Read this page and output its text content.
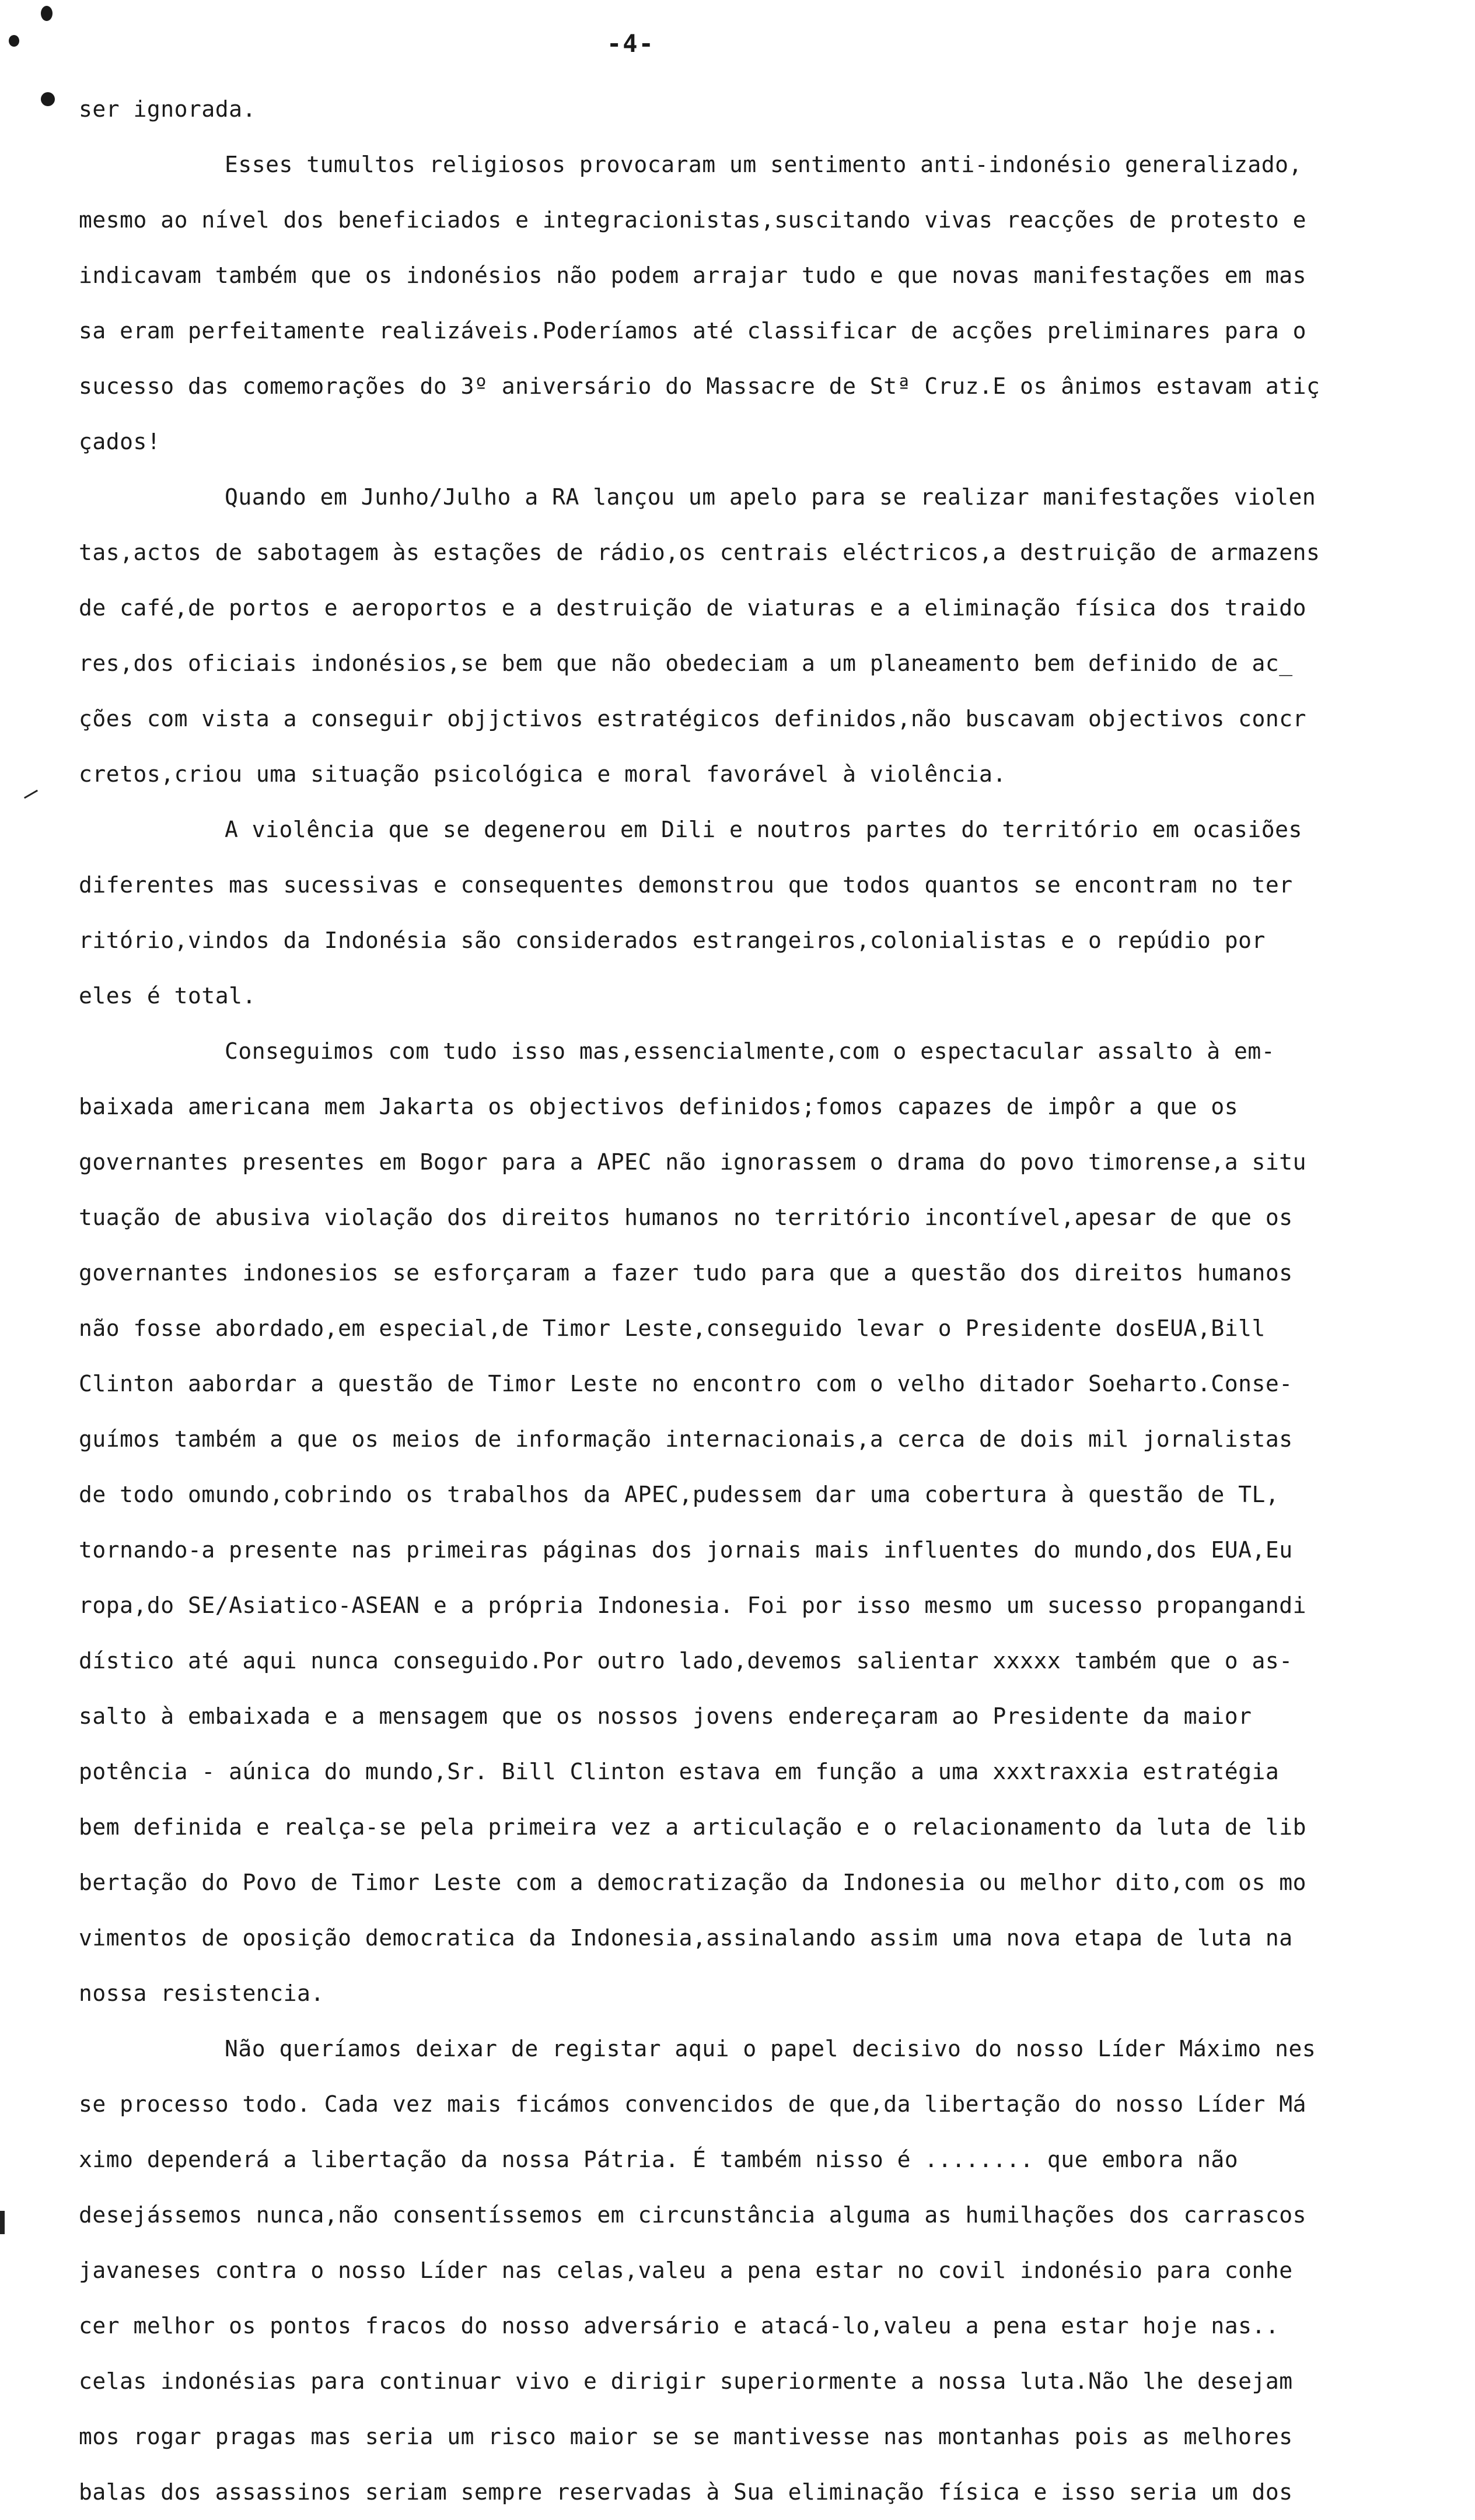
-4-
ser ignorada.
Esses tumultos religiosos provocaram um sentimento anti-indonésio generalizado,
mesmo ao nível dos beneficiados e integracionistas,suscitando vivas reacções de protesto e
indicavam também que os indonésios não podem arrajar tudo e que novas manifestações em mas
sa eram perfeitamente realizáveis.Poderíamos até classificar de acções preliminares para o
sucesso das comemorações do 3º aniversário do Massacre de Stª Cruz.E os ânimos estavam atiç
çados!
Quando em Junho/Julho a RA lançou um apelo para se realizar manifestações violen
tas,actos de sabotagem às estações de rádio,os centrais eléctricos,a destruição de armazens
de café,de portos e aeroportos e a destruição de viaturas e a eliminação física dos traido
res,dos oficiais indonésios,se bem que não obedeciam a um planeamento bem definido de ac_
ções com vista a conseguir objjctivos estratégicos definidos,não buscavam objectivos concr
cretos,criou uma situação psicológica e moral favorável à violência.
A violência que se degenerou em Dili e noutros partes do território em ocasiões
diferentes mas sucessivas e consequentes demonstrou que todos quantos se encontram no ter
ritório,vindos da Indonésia são considerados estrangeiros,colonialistas e o repúdio por
eles é total.
Conseguimos com tudo isso mas,essencialmente,com o espectacular assalto à em-
baixada americana mem Jakarta os objectivos definidos;fomos capazes de impôr a que os
governantes presentes em Bogor para a APEC não ignorassem o drama do povo timorense,a situ
tuação de abusiva violação dos direitos humanos no território incontível,apesar de que os
governantes indonesios se esforçaram a fazer tudo para que a questão dos direitos humanos
não fosse abordado,em especial,de Timor Leste,conseguido levar o Presidente dosEUA,Bill
Clinton aabordar a questão de Timor Leste no encontro com o velho ditador Soeharto.Conse-
guímos também a que os meios de informação internacionais,a cerca de dois mil jornalistas
de todo omundo,cobrindo os trabalhos da APEC,pudessem dar uma cobertura à questão de TL,
tornando-a presente nas primeiras páginas dos jornais mais influentes do mundo,dos EUA,Eu
ropa,do SE/Asiatico-ASEAN e a própria Indonesia. Foi por isso mesmo um sucesso propangandi
dístico até aqui nunca conseguido.Por outro lado,devemos salientar xxxxx também que o as-
salto à embaixada e a mensagem que os nossos jovens endereçaram ao Presidente da maior
potência - aúnica do mundo,Sr. Bill Clinton estava em função a uma xxxtraxxia estratégia
bem definida e realça-se pela primeira vez a articulação e o relacionamento da luta de lib
bertação do Povo de Timor Leste com a democratização da Indonesia ou melhor dito,com os mo
vimentos de oposição democratica da Indonesia,assinalando assim uma nova etapa de luta na
nossa resistencia.
Não queríamos deixar de registar aqui o papel decisivo do nosso Líder Máximo nes
se processo todo. Cada vez mais ficámos convencidos de que,da libertação do nosso Líder Má
ximo dependerá a libertação da nossa Pátria. É também nisso é ........ que embora não
desejássemos nunca,não consentíssemos em circunstância alguma as humilhações dos carrascos
javaneses contra o nosso Líder nas celas,valeu a pena estar no covil indonésio para conhe
cer melhor os pontos fracos do nosso adversário e atacá-lo,valeu a pena estar hoje nas..
celas indonésias para continuar vivo e dirigir superiormente a nossa luta.Não lhe desejam
mos rogar pragas mas seria um risco maior se se mantivesse nas montanhas pois as melhores
balas dos assassinos seriam sempre reservadas à Sua eliminação física e isso seria um dos
